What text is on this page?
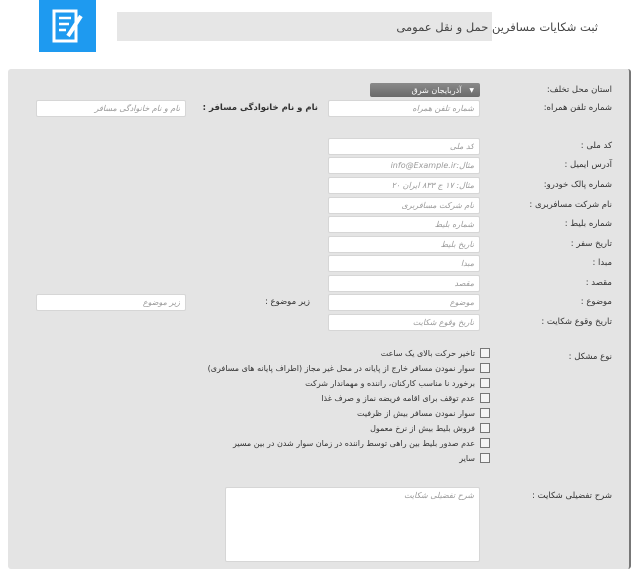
ثبت شکایات مسافرین حمل و نقل عمومی
استان محل تخلف:
▼
آذربایجان شرق
شماره تلفن همراه:
شماره تلفن همراه
نام و نام خانوادگی مسافر :
نام و نام خانوادگی مسافر
کد ملی :
کد ملی
آدرس ایمیل :
مثال:info@Example.ir
شماره پالک خودرو:
مثال: ۱۷ ج ۸۳۳ ایران ۲۰
نام شرکت مسافربری :
نام شرکت مسافربری
شماره بلیط :
شماره بلیط
تاریخ سفر :
تاریخ بلیط
مبدا :
مبدا
مقصد :
مقصد
موضوع :
موضوع
زیر موضوع :
زیر موضوع
تاریخ وقوع شکایت :
تاریخ وقوع شکایت
نوع مشکل :
تاخیر حرکت بالای یک ساعت
سوار نمودن مسافر خارج از پایانه در محل غیر مجاز (اطراف پایانه های مسافری)
برخورد نا مناسب کارکنان، راننده و مهماندار شرکت
عدم توقف برای اقامه فریضه نماز و صرف غذا
سوار نمودن مسافر بیش از ظرفیت
فروش بلیط بیش از نرخ معمول
عدم صدور بلیط بین راهی توسط راننده در زمان سوار شدن در بین مسیر
سایر
شرح تفضیلی شکایت :
شرح تفضیلی شکایت
